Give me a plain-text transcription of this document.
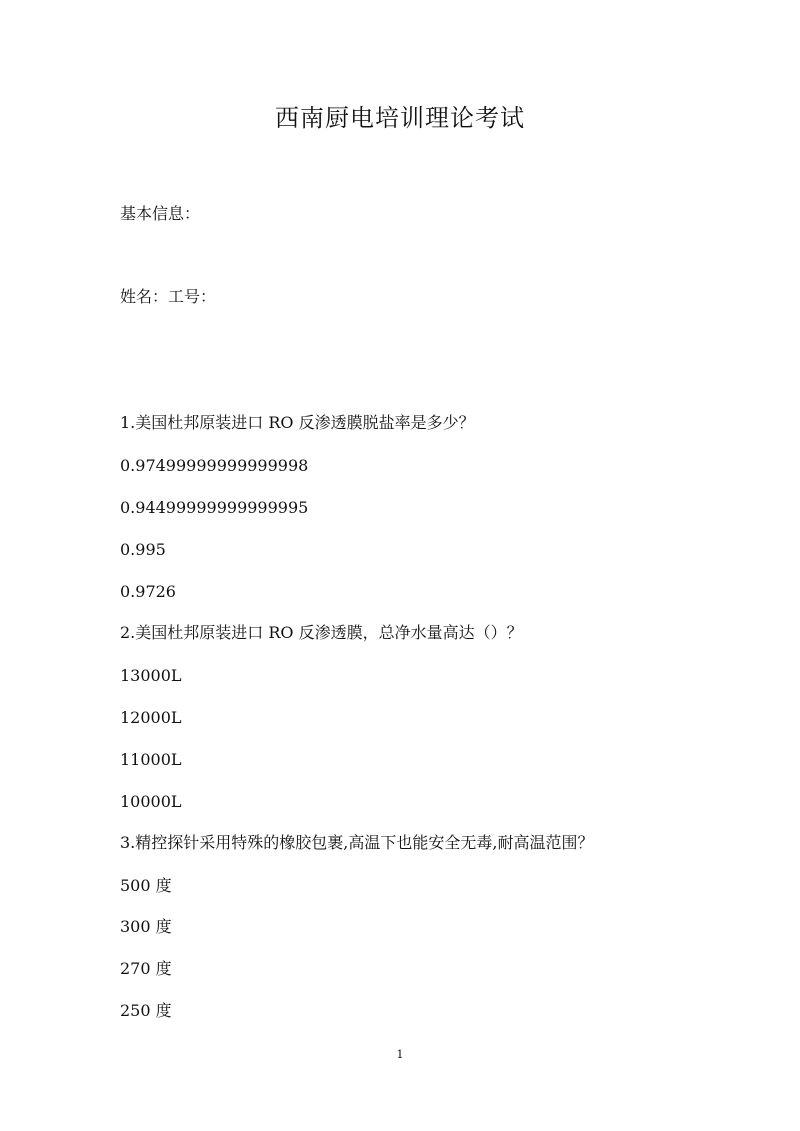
西南厨电培训理论考试
基本信息：
姓名：工号：
1.美国杜邦原装进口 RO 反渗透膜脱盐率是多少？
0.97499999999999998
0.94499999999999995
0.995
0.9726
2.美国杜邦原装进口 RO 反渗透膜，总净水量高达（）？
13000L
12000L
11000L
10000L
3.精控探针采用特殊的橡胶包裹,高温下也能安全无毒,耐高温范围？
500 度
300 度
270 度
250 度
1
